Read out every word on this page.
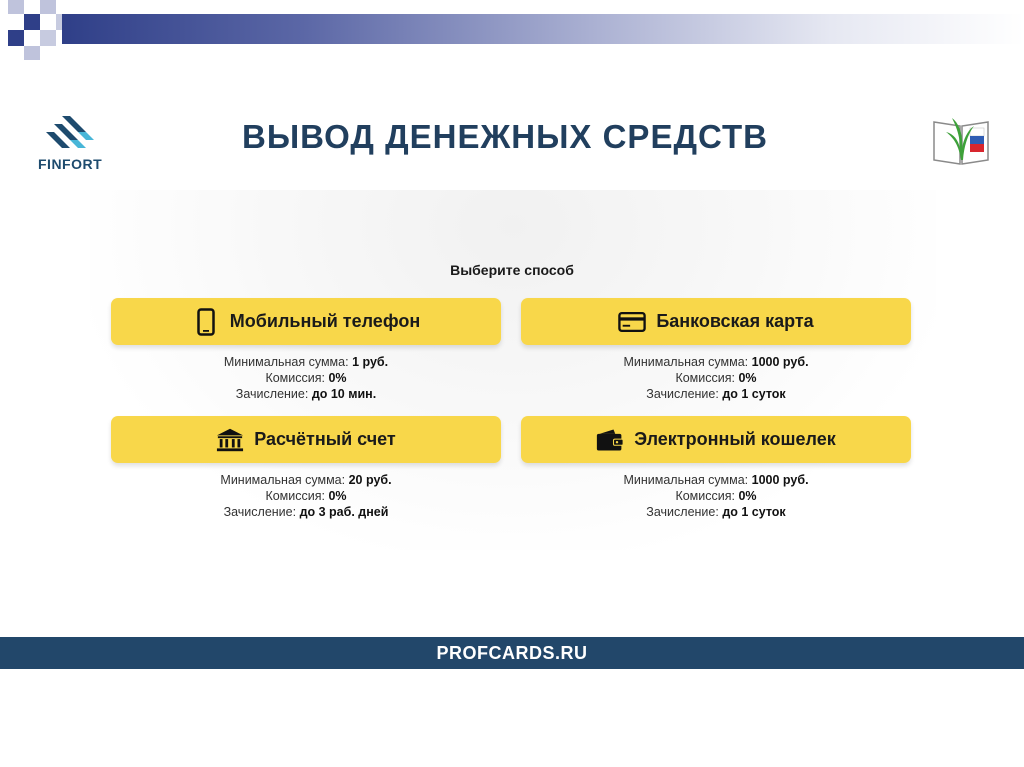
FINFORT
ВЫВОД ДЕНЕЖНЫХ СРЕДСТВ
Выберите способ
Мобильный телефон
Минимальная сумма: 1 руб.
Комиссия: 0%
Зачисление: до 10 мин.
Банковская карта
Минимальная сумма: 1000 руб.
Комиссия: 0%
Зачисление: до 1 суток
Расчётный счет
Минимальная сумма: 20 руб.
Комиссия: 0%
Зачисление: до 3 раб. дней
Электронный кошелек
Минимальная сумма: 1000 руб.
Комиссия: 0%
Зачисление: до 1 суток
PROFCARDS.RU
